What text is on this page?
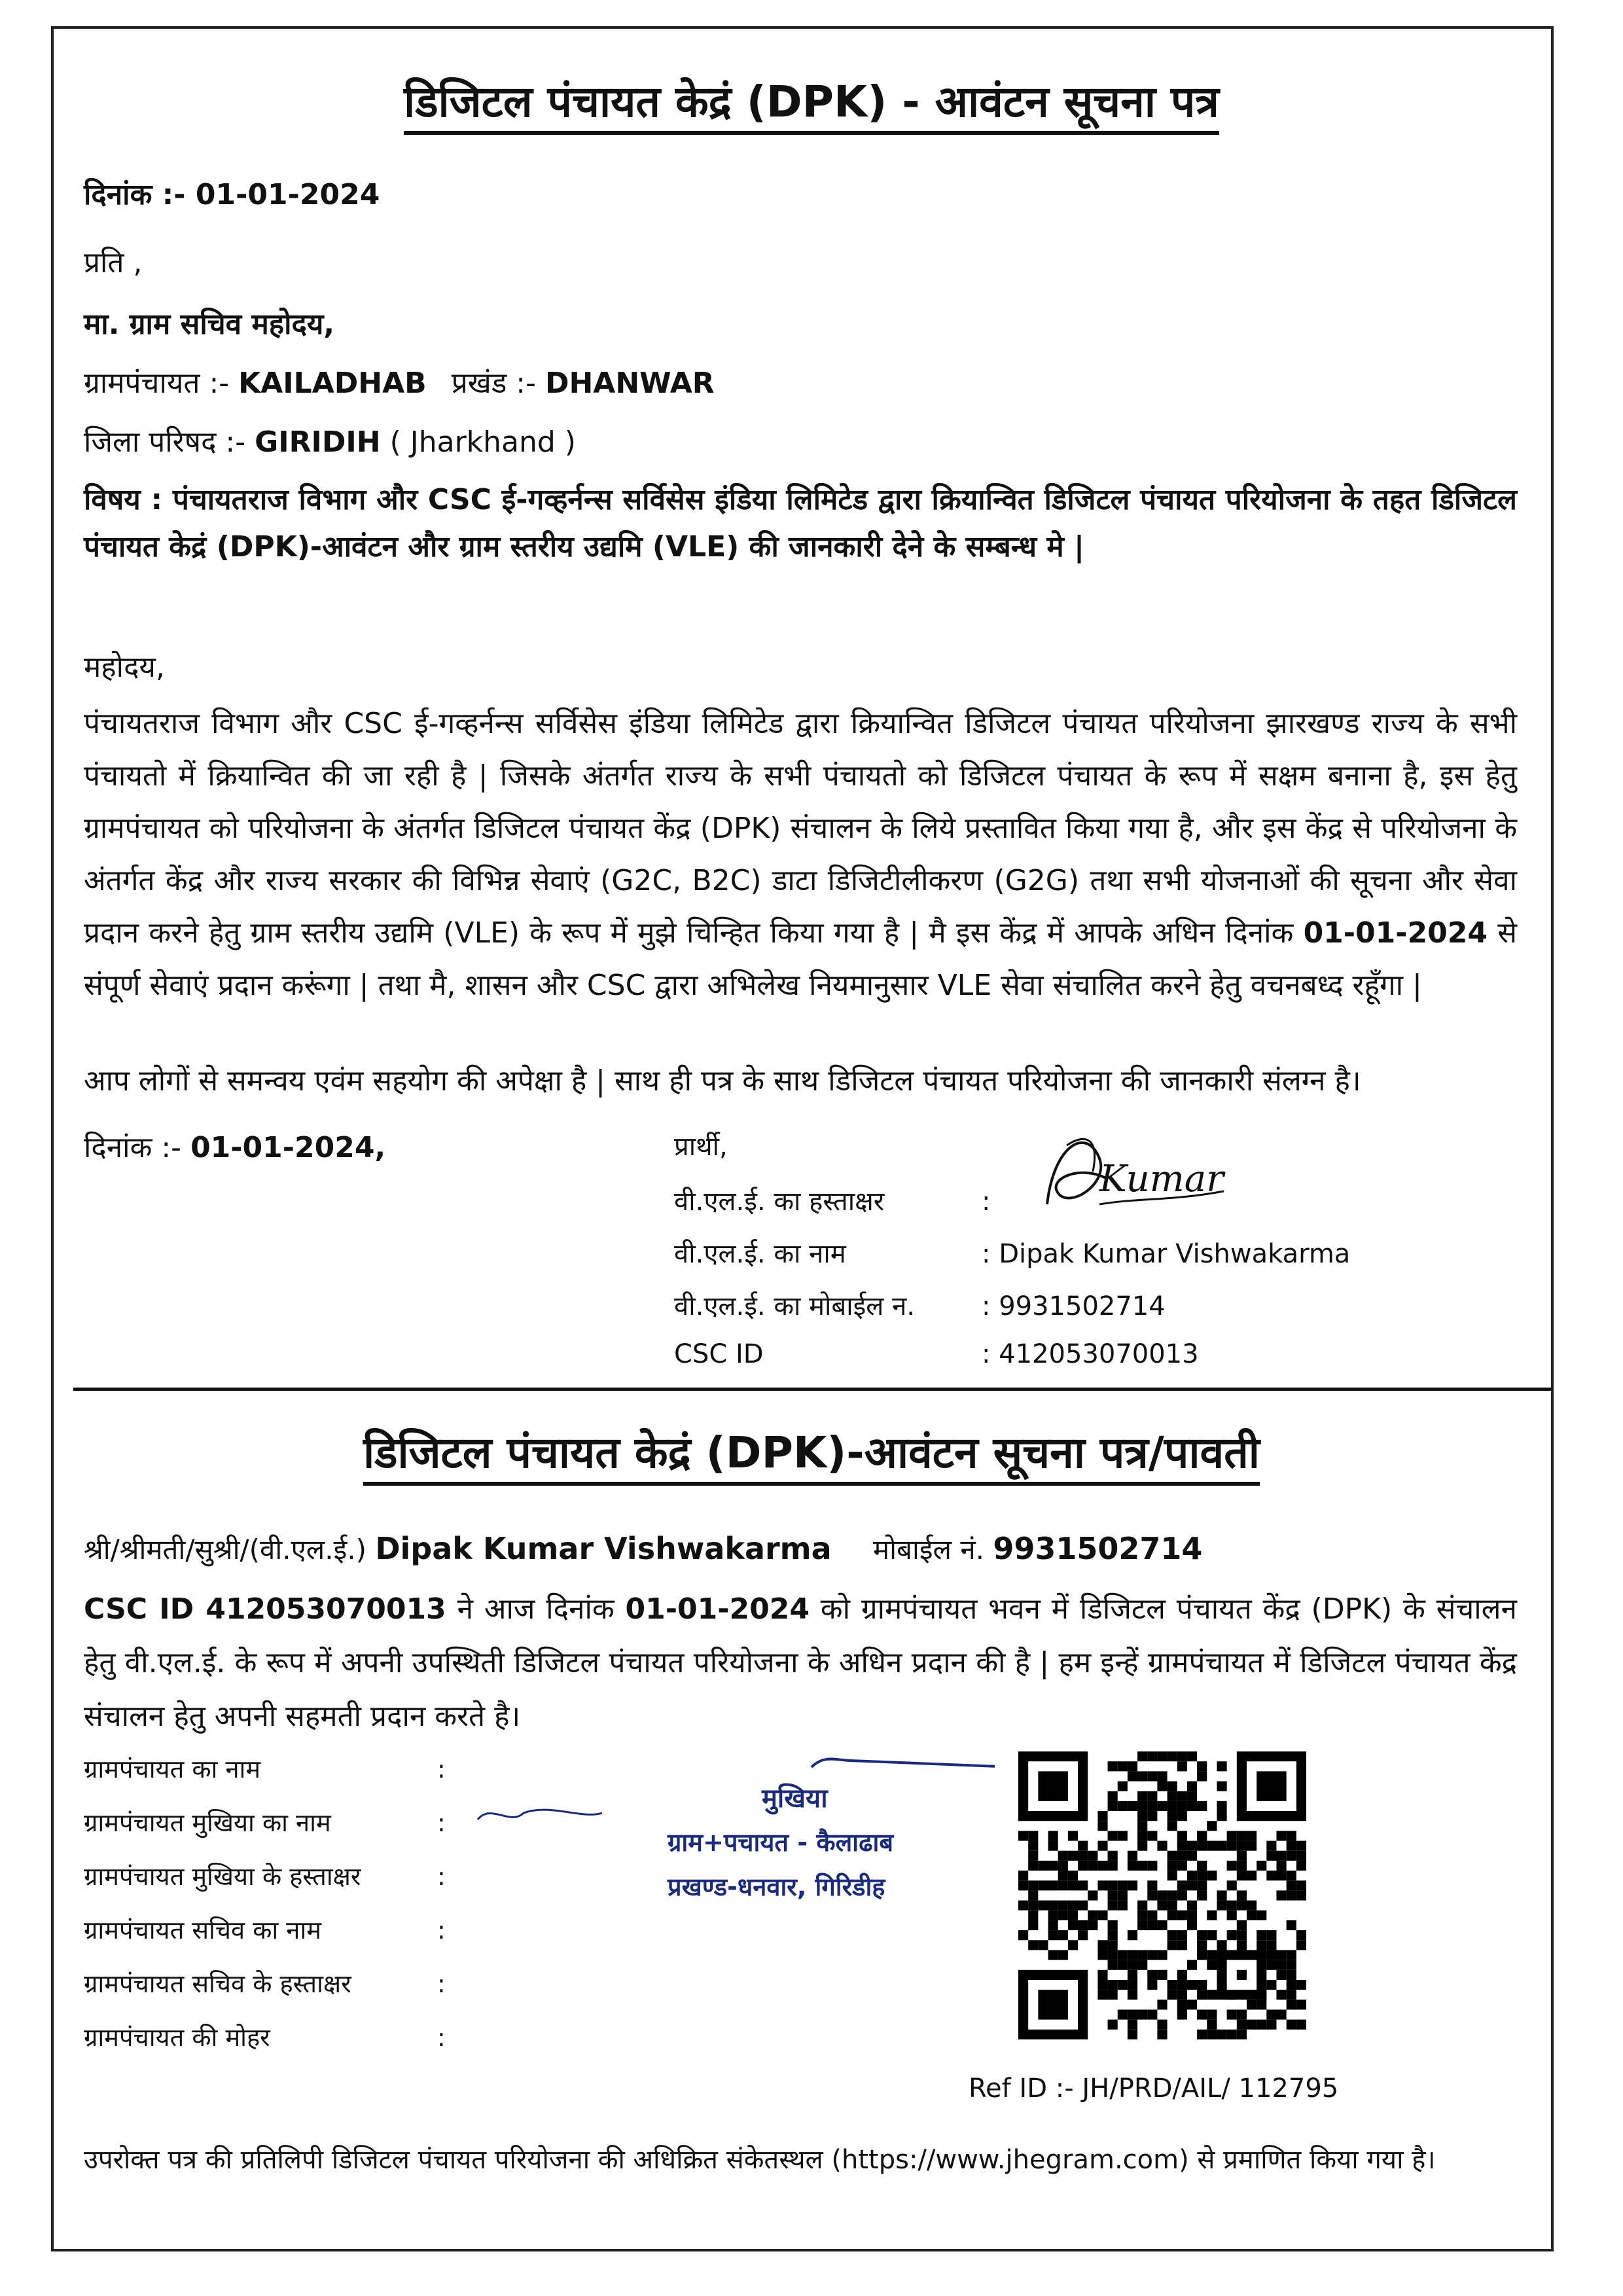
डिजिटल पंचायत केद्रं (DPK) - आवंटन सूचना पत्र
दिनांक :- 01-01-2024
प्रति ,
मा. ग्राम सचिव महोदय,
ग्रामपंचायत :- KAILADHAB प्रखंड :- DHANWAR
जिला परिषद :- GIRIDIH ( Jharkhand )
विषय : पंचायतराज विभाग और CSC ई-गव्हर्नन्स सर्विसेस इंडिया लिमिटेड द्वारा क्रियान्वित डिजिटल पंचायत परियोजना के तहत डिजिटल पंचायत केद्रं (DPK)-आवंटन और ग्राम स्तरीय उद्यमि (VLE) की जानकारी देने के सम्बन्ध मे |
महोदय,
पंचायतराज विभाग और CSC ई-गव्हर्नन्स सर्विसेस इंडिया लिमिटेड द्वारा क्रियान्वित डिजिटल पंचायत परियोजना झारखण्ड राज्य के सभी पंचायतो में क्रियान्वित की जा रही है | जिसके अंतर्गत राज्य के सभी पंचायतो को डिजिटल पंचायत के रूप में सक्षम बनाना है, इस हेतु ग्रामपंचायत को परियोजना के अंतर्गत डिजिटल पंचायत केंद्र (DPK) संचालन के लिये प्रस्तावित किया गया है, और इस केंद्र से परियोजना के अंतर्गत केंद्र और राज्य सरकार की विभिन्न सेवाएं (G2C, B2C) डाटा डिजिटीलीकरण (G2G) तथा सभी योजनाओं की सूचना और सेवा प्रदान करने हेतु ग्राम स्तरीय उद्यमि (VLE) के रूप में मुझे चिन्हित किया गया है | मै इस केंद्र में आपके अधिन दिनांक 01-01-2024 से संपूर्ण सेवाएं प्रदान करूंगा | तथा मै, शासन और CSC द्वारा अभिलेख नियमानुसार VLE सेवा संचालित करने हेतु वचनबध्द रहूँगा |
आप लोगों से समन्वय एवंम सहयोग की अपेक्षा है | साथ ही पत्र के साथ डिजिटल पंचायत परियोजना की जानकारी संलग्न है।
दिनांक :- 01-01-2024,	प्रार्थी,
वी.एल.ई. का हस्ताक्षर	:
वी.एल.ई. का नाम	: Dipak Kumar Vishwakarma
वी.एल.ई. का मोबाईल न.	: 9931502714
CSC ID	: 412053070013
Kumar
डिजिटल पंचायत केद्रं (DPK)-आवंटन सूचना पत्र/पावती
श्री/श्रीमती/सुश्री/(वी.एल.ई.) Dipak Kumar Vishwakarma मोबाईल नं. 9931502714
CSC ID 412053070013 ने आज दिनांक 01-01-2024 को ग्रामपंचायत भवन में डिजिटल पंचायत केंद्र (DPK) के संचालन हेतु वी.एल.ई. के रूप में अपनी उपस्थिती डिजिटल पंचायत परियोजना के अधिन प्रदान की है | हम इन्हें ग्रामपंचायत में डिजिटल पंचायत केंद्र संचालन हेतु अपनी सहमती प्रदान करते है।
ग्रामपंचायत का नाम	:
ग्रामपंचायत मुखिया का नाम	:
ग्रामपंचायत मुखिया के हस्ताक्षर	:
ग्रामपंचायत सचिव का नाम	:
ग्रामपंचायत सचिव के हस्ताक्षर	:
ग्रामपंचायत की मोहर	:
मुखिया
ग्राम+पचायत - कैलाढाब
प्रखण्ड-धनवार, गिरिडीह
Ref ID :- JH/PRD/AIL/ 112795
उपरोक्त पत्र की प्रतिलिपी डिजिटल पंचायत परियोजना की अधिक्रित संकेतस्थल (https://www.jhegram.com) से प्रमाणित किया गया है।
